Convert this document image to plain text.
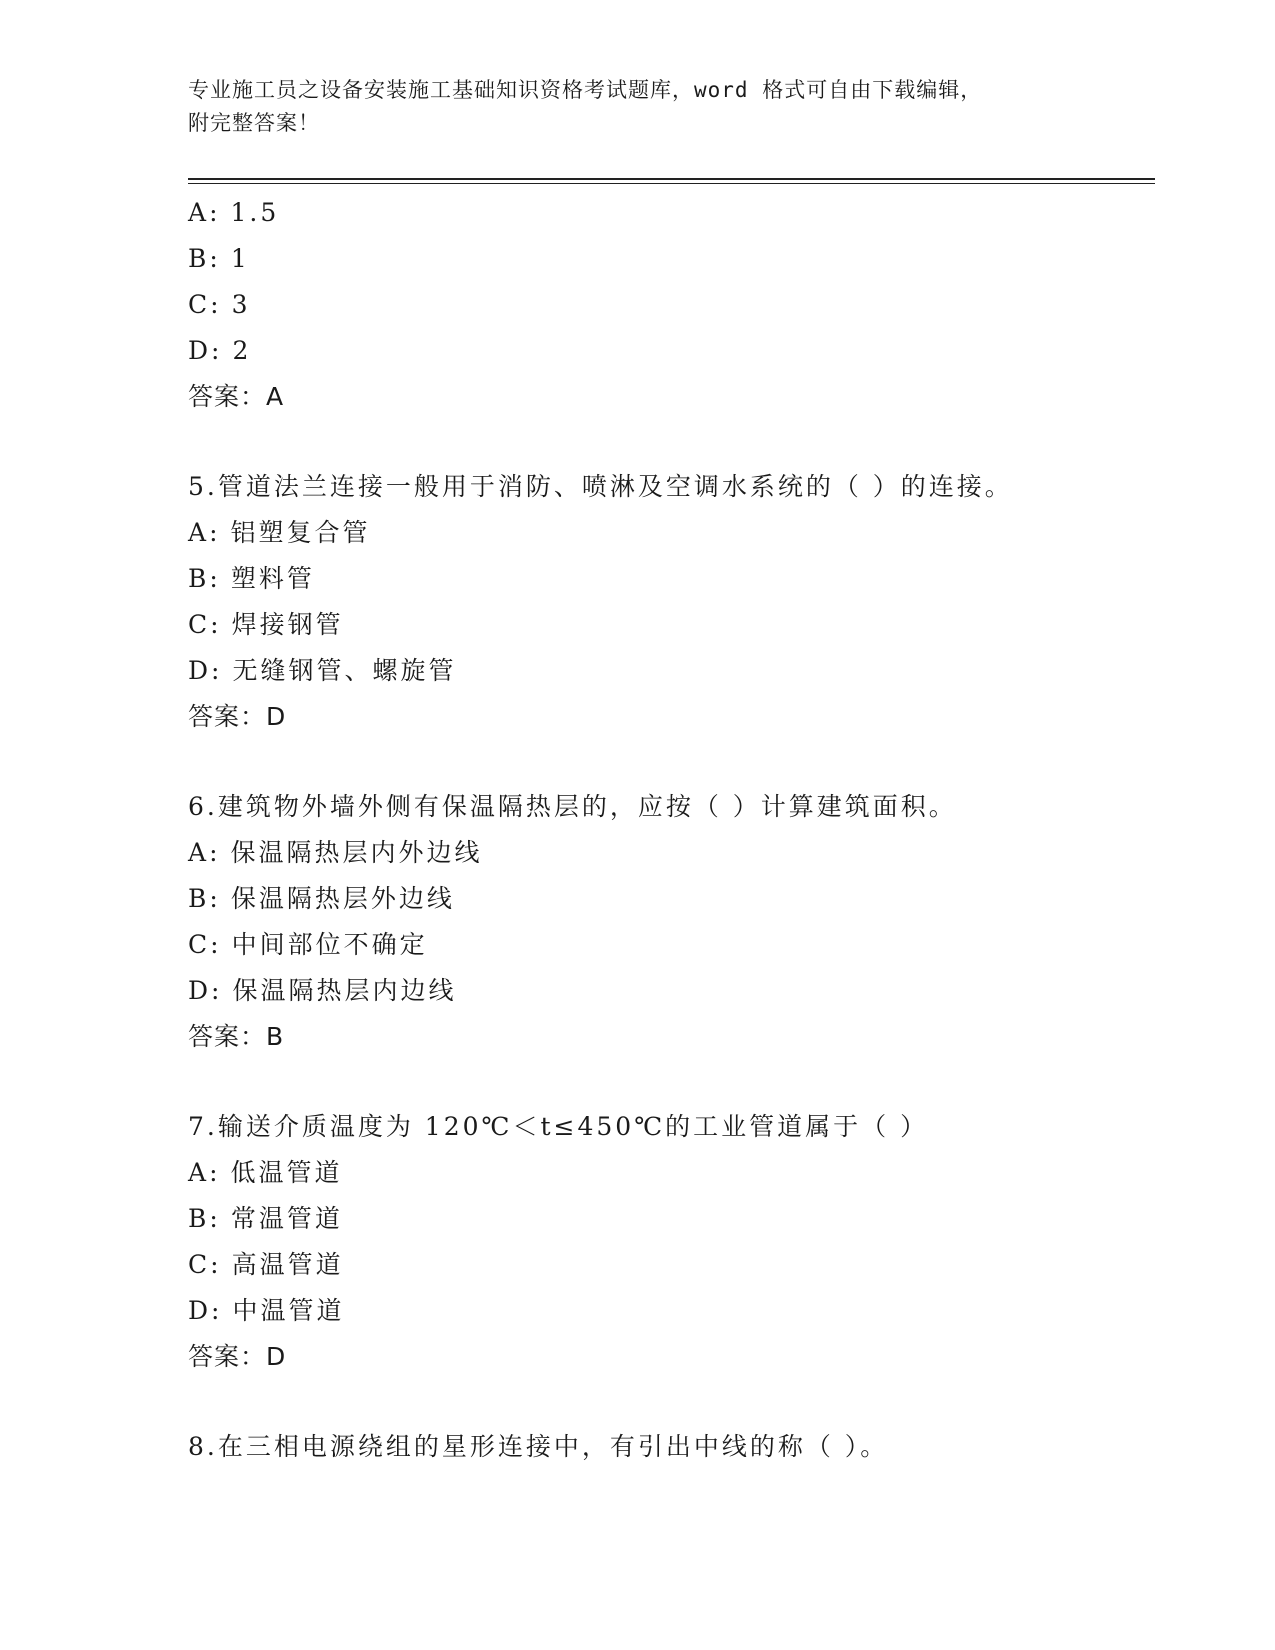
专业施工员之设备安装施工基础知识资格考试题库，word 格式可自由下载编辑，
附完整答案！
A: 1.5
B: 1
C: 3
D: 2
答案：A
5.管道法兰连接一般用于消防、喷淋及空调水系统的（ ）的连接。
A: 铝塑复合管
B: 塑料管
C: 焊接钢管
D: 无缝钢管、螺旋管
答案：D
6.建筑物外墙外侧有保温隔热层的，应按（ ）计算建筑面积。
A: 保温隔热层内外边线
B: 保温隔热层外边线
C: 中间部位不确定
D: 保温隔热层内边线
答案：B
7.输送介质温度为 120℃＜t≤450℃的工业管道属于（ ）
A: 低温管道
B: 常温管道
C: 高温管道
D: 中温管道
答案：D
8.在三相电源绕组的星形连接中，有引出中线的称（ ）。
